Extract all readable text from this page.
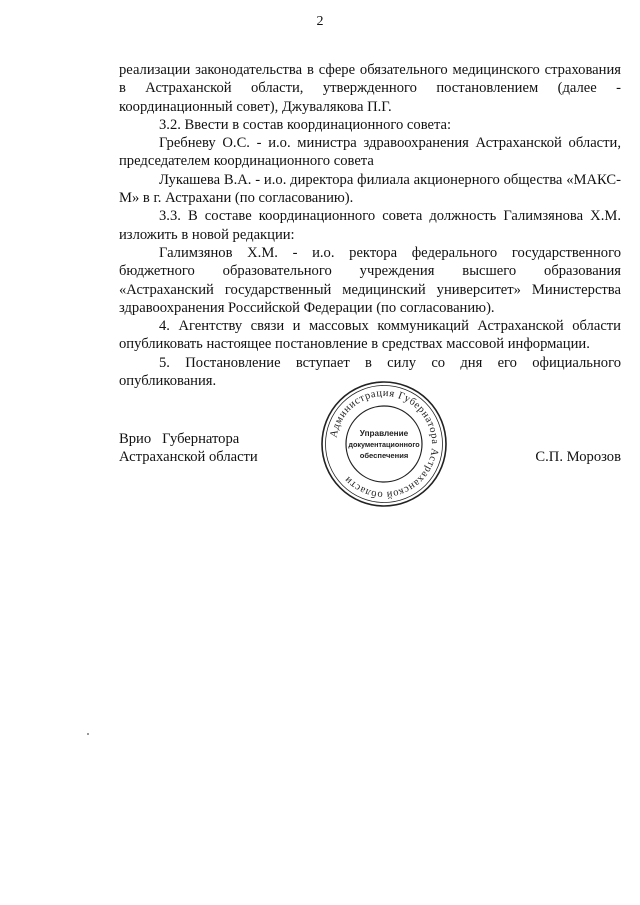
2

реализации законодательства в сфере обязательного медицинского страхования в Астраханской области, утвержденного постановлением (далее - координационный совет), Джувалякова П.Г.

3.2. Ввести в состав координационного совета:

Гребневу О.С. - и.о. министра здравоохранения Астраханской области, председателем координационного совета

Лукашева В.А. - и.о. директора филиала акционерного общества «МАКС-М» в г. Астрахани (по согласованию).

3.3. В составе координационного совета должность Галимзянова Х.М. изложить в новой редакции:

Галимзянов Х.М. - и.о. ректора федерального государственного бюджетного образовательного учреждения высшего образования «Астраханский государственный медицинский университет» Министерства здравоохранения Российской Федерации (по согласованию).

4. Агентству связи и массовых коммуникаций Астраханской области опубликовать настоящее постановление в средствах массовой информации.

5. Постановление вступает в силу со дня его официального опубликования.

Врио   Губернатора
Астраханской области
Администрация Губернатора Астраханской области
Управление
документационного
обеспечения	С.П. Морозов
